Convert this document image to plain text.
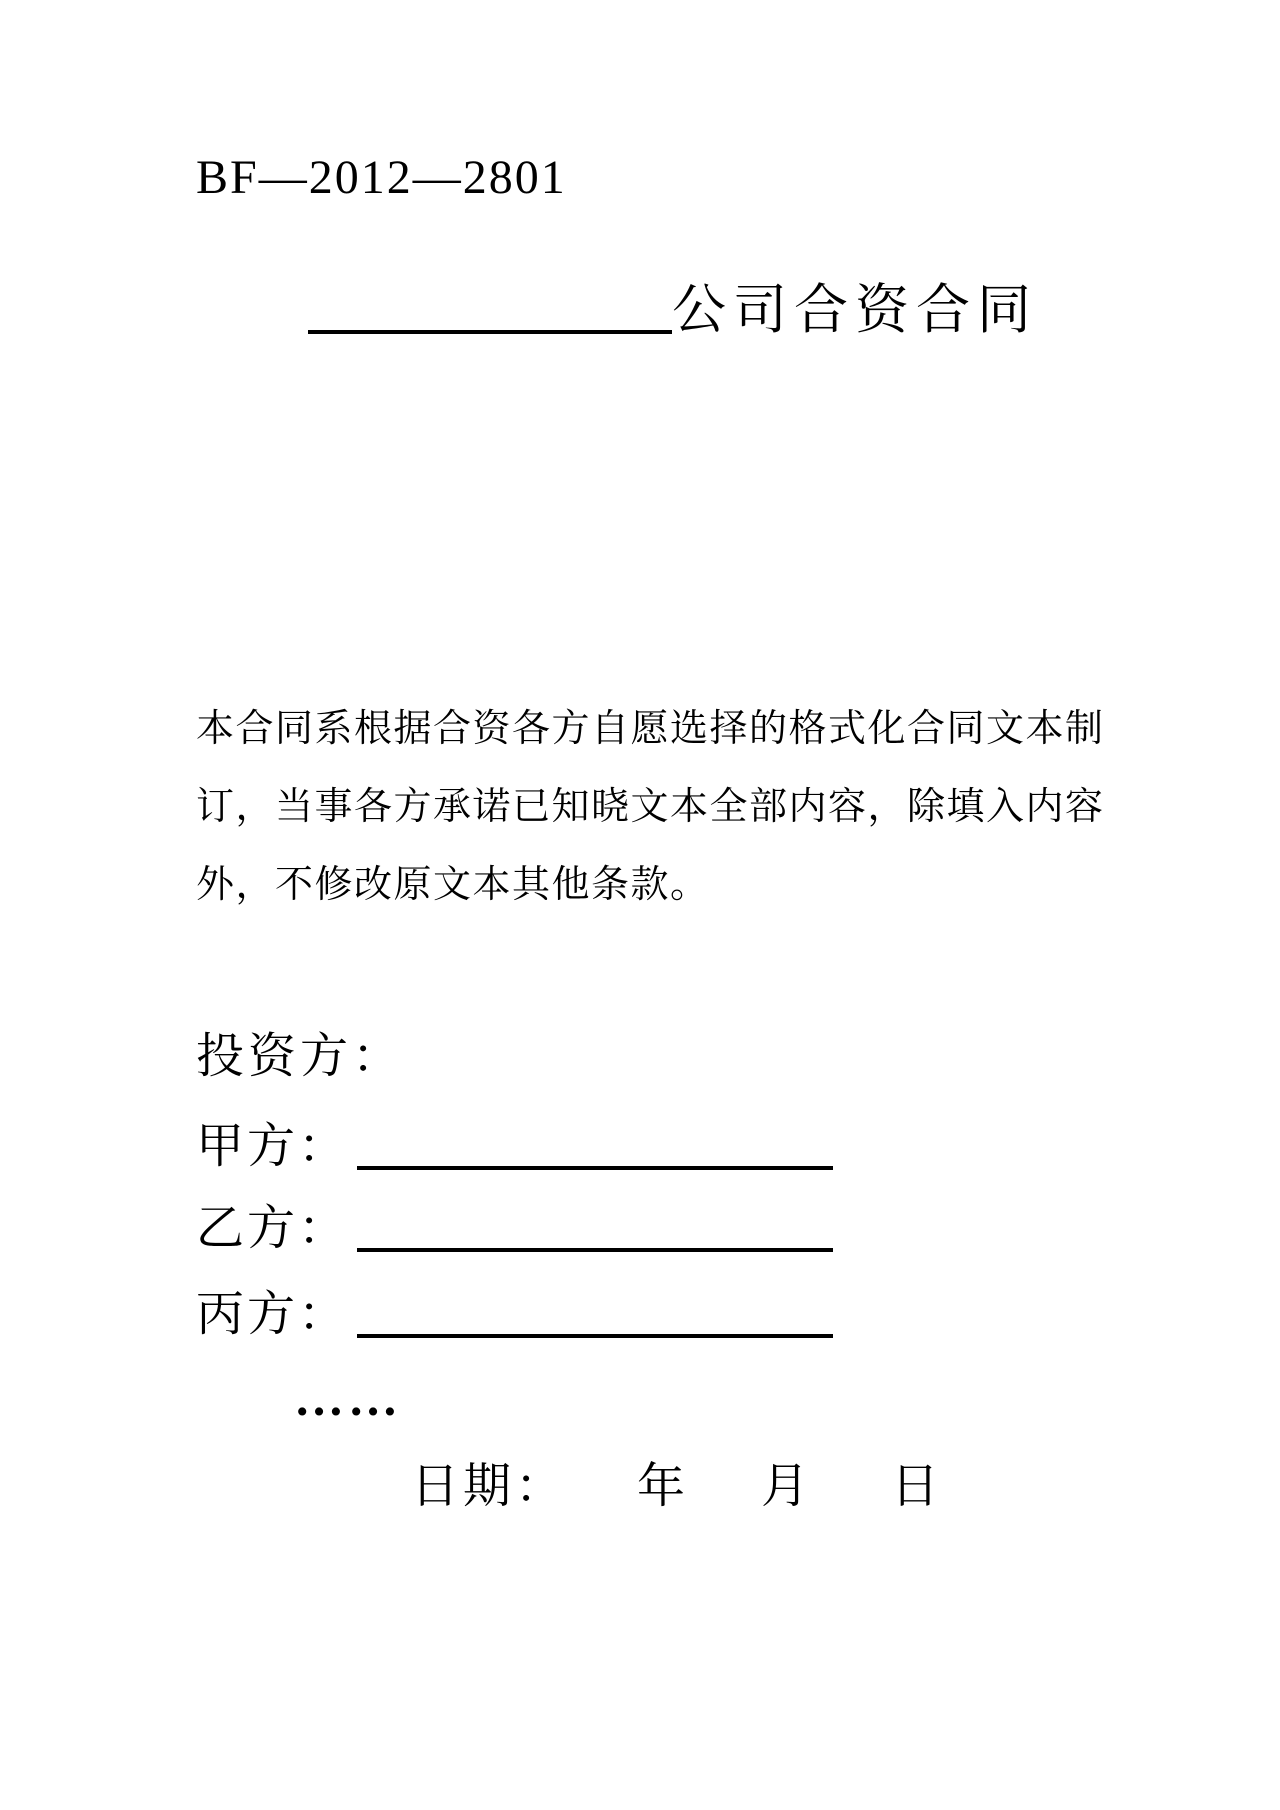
BF—2012—2801
公司合资合同
本合同系根据合资各方自愿选择的格式化合同文本制
订，当事各方承诺已知晓文本全部内容，除填入内容
外，不修改原文本其他条款。
投资方：
甲方：
乙方：
丙方：
……
日期： 年 月 日
